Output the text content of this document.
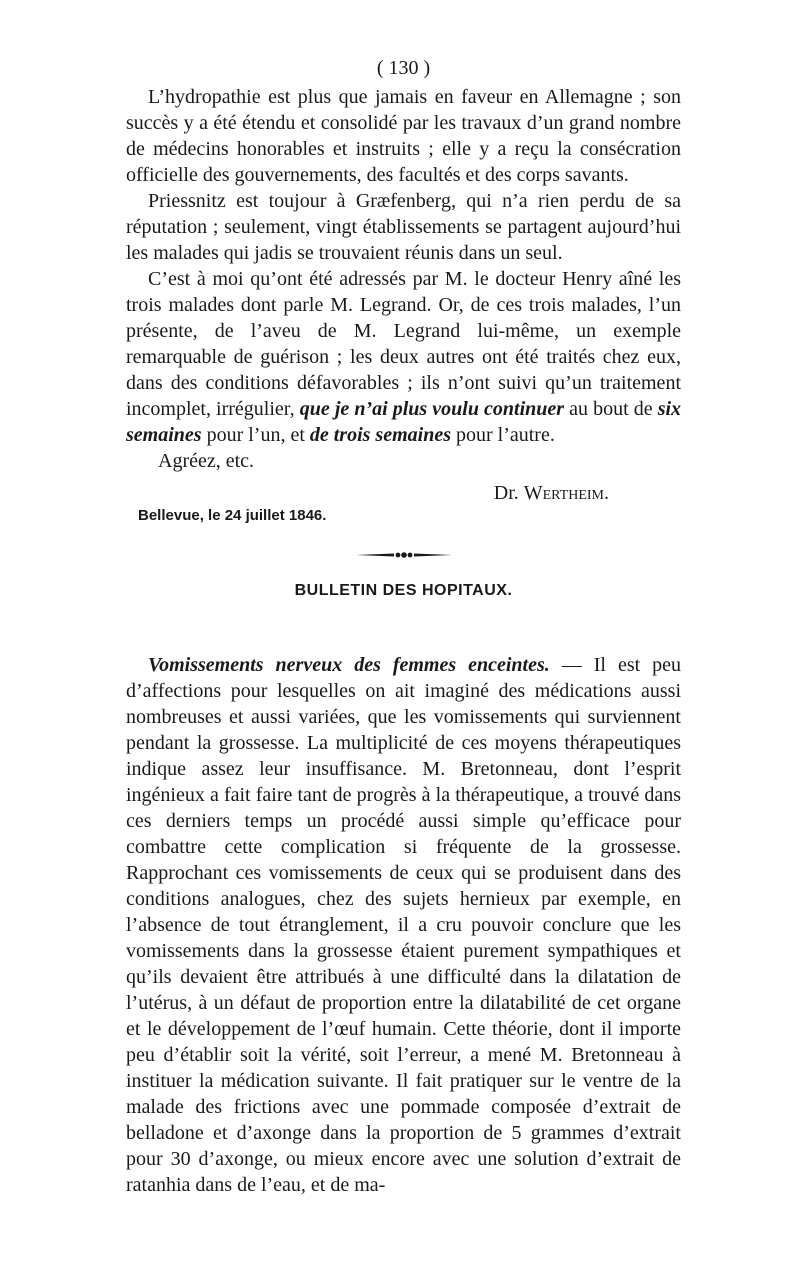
( 130 )

L’hydropathie est plus que jamais en faveur en Allemagne ; son succès y a été étendu et consolidé par les travaux d’un grand nombre de médecins honorables et instruits ; elle y a reçu la consécration officielle des gouvernements, des facultés et des corps savants.

Priessnitz est toujour à Græfenberg, qui n’a rien perdu de sa réputation ; seulement, vingt établissements se partagent aujourd’hui les malades qui jadis se trouvaient réunis dans un seul.

C’est à moi qu’ont été adressés par M. le docteur Henry aîné les trois malades dont parle M. Legrand. Or, de ces trois malades, l’un présente, de l’aveu de M. Legrand lui-même, un exemple remarquable de guérison ; les deux autres ont été traités chez eux, dans des conditions défavorables ; ils n’ont suivi qu’un traitement incomplet, irrégulier, que je n’ai plus voulu continuer au bout de six semaines pour l’un, et de trois semaines pour l’autre.

Agréez, etc.
Dr. Wertheim.
Bellevue, le 24 juillet 1846.
BULLETIN DES HOPITAUX.

Vomissements nerveux des femmes enceintes. — Il est peu d’affections pour lesquelles on ait imaginé des médications aussi nombreuses et aussi variées, que les vomissements qui surviennent pendant la grossesse. La multiplicité de ces moyens thérapeutiques indique assez leur insuffisance. M. Bretonneau, dont l’esprit ingénieux a fait faire tant de progrès à la thérapeutique, a trouvé dans ces derniers temps un procédé aussi simple qu’efficace pour combattre cette complication si fréquente de la grossesse. Rapprochant ces vomissements de ceux qui se produisent dans des conditions analogues, chez des sujets hernieux par exemple, en l’absence de tout étranglement, il a cru pouvoir conclure que les vomissements dans la grossesse étaient purement sympathiques et qu’ils devaient être attribués à une difficulté dans la dilatation de l’utérus, à un défaut de proportion entre la dilatabilité de cet organe et le développement de l’œuf humain. Cette théorie, dont il importe peu d’établir soit la vérité, soit l’erreur, a mené M. Bretonneau à instituer la médication suivante. Il fait pratiquer sur le ventre de la malade des frictions avec une pommade composée d’extrait de belladone et d’axonge dans la proportion de 5 grammes d’extrait pour 30 d’axonge, ou mieux encore avec une solution d’extrait de ratanhia dans de l’eau, et de ma-
